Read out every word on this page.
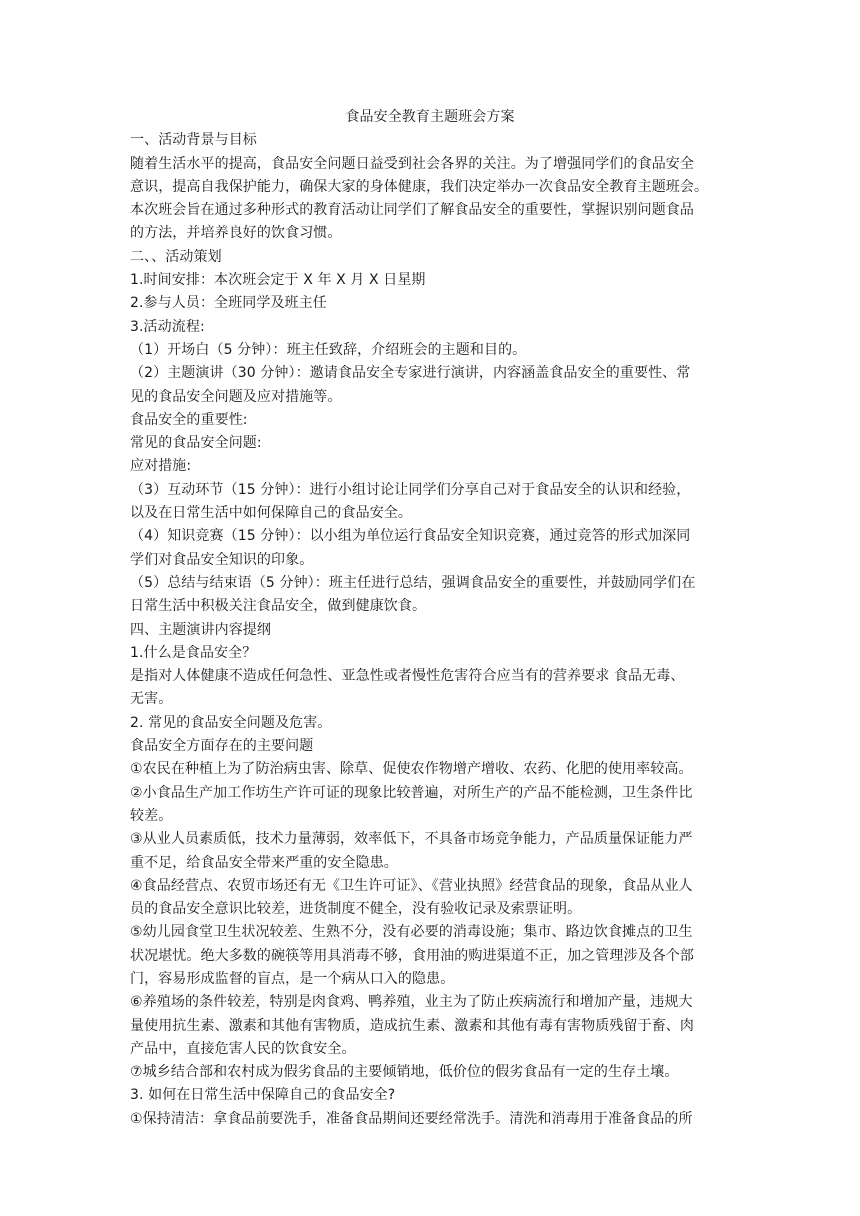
食品安全教育主题班会方案
一、活动背景与目标
随着生活水平的提高，食品安全问题日益受到社会各界的关注。为了增强同学们的食品安全
意识，提高自我保护能力，确保大家的身体健康，我们决定举办一次食品安全教育主题班会。
本次班会旨在通过多种形式的教育活动让同学们了解食品安全的重要性，掌握识别问题食品
的方法，并培养良好的饮食习惯。
二、、活动策划
1.时间安排：本次班会定于 X 年 X 月 X 日星期
2.参与人员：全班同学及班主任
3.活动流程:
（1）开场白（5 分钟）：班主任致辞，介绍班会的主题和目的。
（2）主题演讲（30 分钟）：邀请食品安全专家进行演讲，内容涵盖食品安全的重要性、常
见的食品安全问题及应对措施等。
食品安全的重要性:
常见的食品安全问题:
应对措施:
（3）互动环节（15 分钟）：进行小组讨论让同学们分享自己对于食品安全的认识和经验，
以及在日常生活中如何保障自己的食品安全。
（4）知识竞赛（15 分钟）：以小组为单位运行食品安全知识竞赛，通过竞答的形式加深同
学们对食品安全知识的印象。
（5）总结与结束语（5 分钟）：班主任进行总结，强调食品安全的重要性，并鼓励同学们在
日常生活中积极关注食品安全，做到健康饮食。
四、主题演讲内容提纲
1.什么是食品安全？
是指对人体健康不造成任何急性、亚急性或者慢性危害符合应当有的营养要求 食品无毒、
无害。
2. 常见的食品安全问题及危害。
食品安全方面存在的主要问题
①农民在种植上为了防治病虫害、除草、促使农作物增产增收、农药、化肥的使用率较高。
②小食品生产加工作坊生产许可证的现象比较普遍，对所生产的产品不能检测，卫生条件比
较差。
③从业人员素质低，技术力量薄弱，效率低下，不具备市场竞争能力，产品质量保证能力严
重不足，给食品安全带来严重的安全隐患。
④食品经营点、农贸市场还有无《卫生许可证》、《营业执照》经营食品的现象，食品从业人
员的食品安全意识比较差，进货制度不健全，没有验收记录及索票证明。
⑤幼儿园食堂卫生状况较差、生熟不分，没有必要的消毒设施；集市、路边饮食摊点的卫生
状况堪忧。绝大多数的碗筷等用具消毒不够，食用油的购进渠道不正，加之管理涉及各个部
门，容易形成监督的盲点，是一个病从口入的隐患。
⑥养殖场的条件较差，特别是肉食鸡、鸭养殖，业主为了防止疾病流行和增加产量，违规大
量使用抗生素、激素和其他有害物质，造成抗生素、激素和其他有毒有害物质残留于畜、肉
产品中，直接危害人民的饮食安全。
⑦城乡结合部和农村成为假劣食品的主要倾销地，低价位的假劣食品有一定的生存土壤。
3. 如何在日常生活中保障自己的食品安全?
①保持清洁：拿食品前要洗手，准备食品期间还要经常洗手。清洗和消毒用于准备食品的所
